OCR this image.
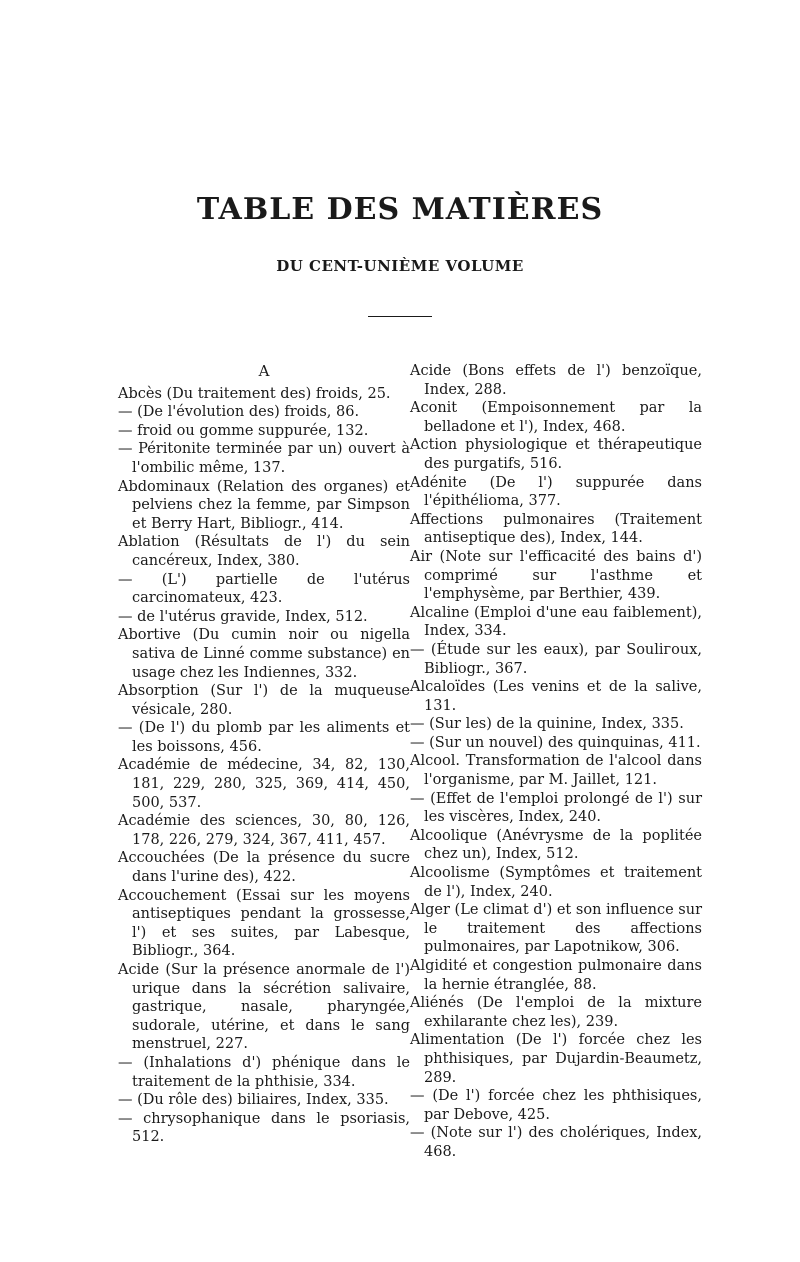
TABLE DES MATIÈRES
DU CENT-UNIÈME VOLUME
A

Abcès (Du traitement des) froids, 25.

— (De l'évolution des) froids, 86.

— froid ou gomme suppurée, 132.

— Péritonite terminée par un) ouvert à l'ombilic même, 137.

Abdominaux (Relation des organes) et pelviens chez la femme, par Simpson et Berry Hart, Bibliogr., 414.

Ablation (Résultats de l') du sein cancéreux, Index, 380.

— (L') partielle de l'utérus carcinomateux, 423.

— de l'utérus gravide, Index, 512.

Abortive (Du cumin noir ou nigella sativa de Linné comme substance) en usage chez les Indiennes, 332.

Absorption (Sur l') de la muqueuse vésicale, 280.

— (De l') du plomb par les aliments et les boissons, 456.

Académie de médecine, 34, 82, 130, 181, 229, 280, 325, 369, 414, 450, 500, 537.

Académie des sciences, 30, 80, 126, 178, 226, 279, 324, 367, 411, 457.

Accouchées (De la présence du sucre dans l'urine des), 422.

Accouchement (Essai sur les moyens antiseptiques pendant la grossesse, l') et ses suites, par Labesque, Bibliogr., 364.

Acide (Sur la présence anormale de l') urique dans la sécrétion salivaire, gastrique, nasale, pharyngée, sudorale, utérine, et dans le sang menstruel, 227.

— (Inhalations d') phénique dans le traitement de la phthisie, 334.

— (Du rôle des) biliaires, Index, 335.

— chrysophanique dans le psoriasis, 512.

Acide (Bons effets de l') benzoïque, Index, 288.

Aconit (Empoisonnement par la belladone et l'), Index, 468.

Action physiologique et thérapeutique des purgatifs, 516.

Adénite (De l') suppurée dans l'épithélioma, 377.

Affections pulmonaires (Traitement antiseptique des), Index, 144.

Air (Note sur l'efficacité des bains d') comprimé sur l'asthme et l'emphysème, par Berthier, 439.

Alcaline (Emploi d'une eau faiblement), Index, 334.

— (Étude sur les eaux), par Soulігoux, Bibliogr., 367.

Alcaloïdes (Les venins et de la salive, 131.

— (Sur les) de la quinine, Index, 335.

— (Sur un nouvel) des quinquinas, 411.

Alcool. Transformation de l'alcool dans l'organisme, par M. Jaillet, 121.

— (Effet de l'emploi prolongé de l') sur les viscères, Index, 240.

Alcoolique (Anévrysme de la poplitée chez un), Index, 512.

Alcoolisme (Symptômes et traitement de l'), Index, 240.

Alger (Le climat d') et son influence sur le traitement des affections pulmonaires, par Lapotnikow, 306.

Algidité et congestion pulmonaire dans la hernie étranglée, 88.

Aliénés (De l'emploi de la mixture exhilarante chez les), 239.

Alimentation (De l') forcée chez les phthisiques, par Dujardin-Beaumetz, 289.

— (De l') forcée chez les phthisiques, par Debove, 425.

— (Note sur l') des cholériques, Index, 468.
